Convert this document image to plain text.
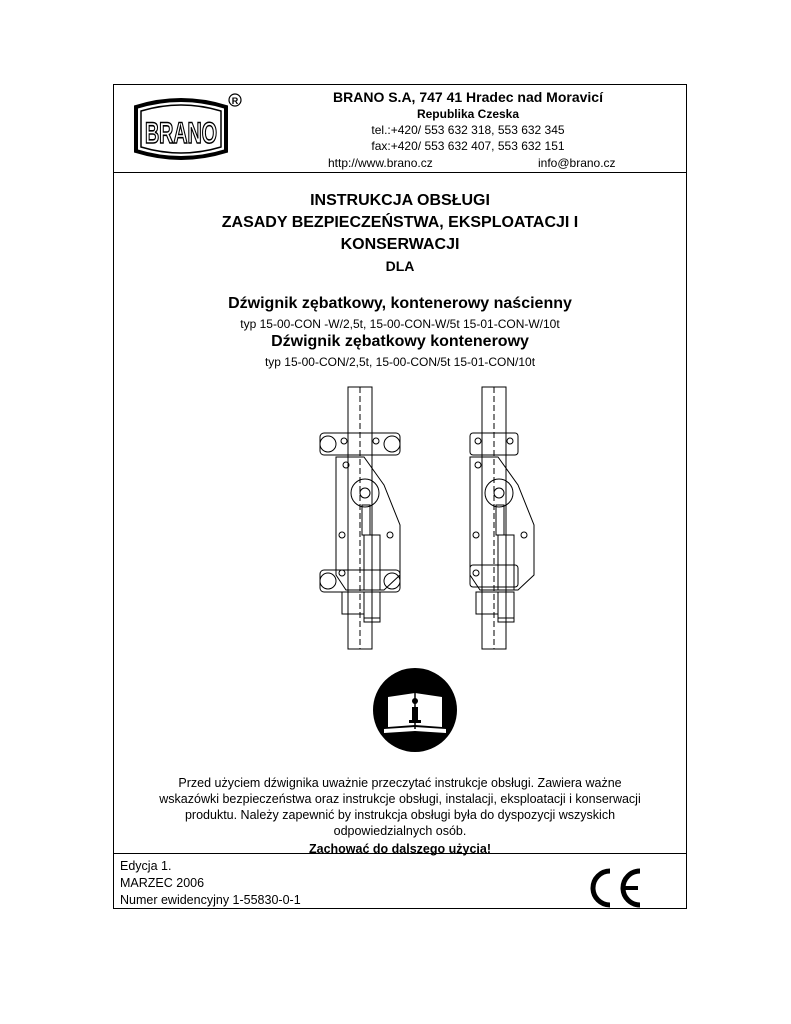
BRANO
R	BRANO S.A, 747 41 Hradec nad Moravicí
Republika Czeska
tel.:+420/ 553 632 318, 553 632 345
fax:+420/ 553 632 407, 553 632 151
http://www.brano.cz	info@brano.cz
INSTRUKCJA OBSŁUGI
ZASADY BEZPIECZEŃSTWA, EKSPLOATACJI I
KONSERWACJI
DLA
Dźwignik zębatkowy, kontenerowy naścienny
typ 15-00-CON -W/2,5t, 15-00-CON-W/5t 15-01-CON-W/10t
Dźwignik zębatkowy kontenerowy
typ 15-00-CON/2,5t, 15-00-CON/5t 15-01-CON/10t
Przed użyciem dźwignika uważnie przeczytać instrukcje obsługi. Zawiera ważne
wskazówki bezpieczeństwa oraz instrukcje obsługi, instalacji, eksploatacji i konserwacji
produktu. Należy zapewnić by instrukcja obsługi była do dyspozycji wszyskich
odpowiedzialnych osób.
Zachować do dalszego użycia!
Edycja 1.
MARZEC 2006
Numer ewidencyjny 1-55830-0-1
CE
